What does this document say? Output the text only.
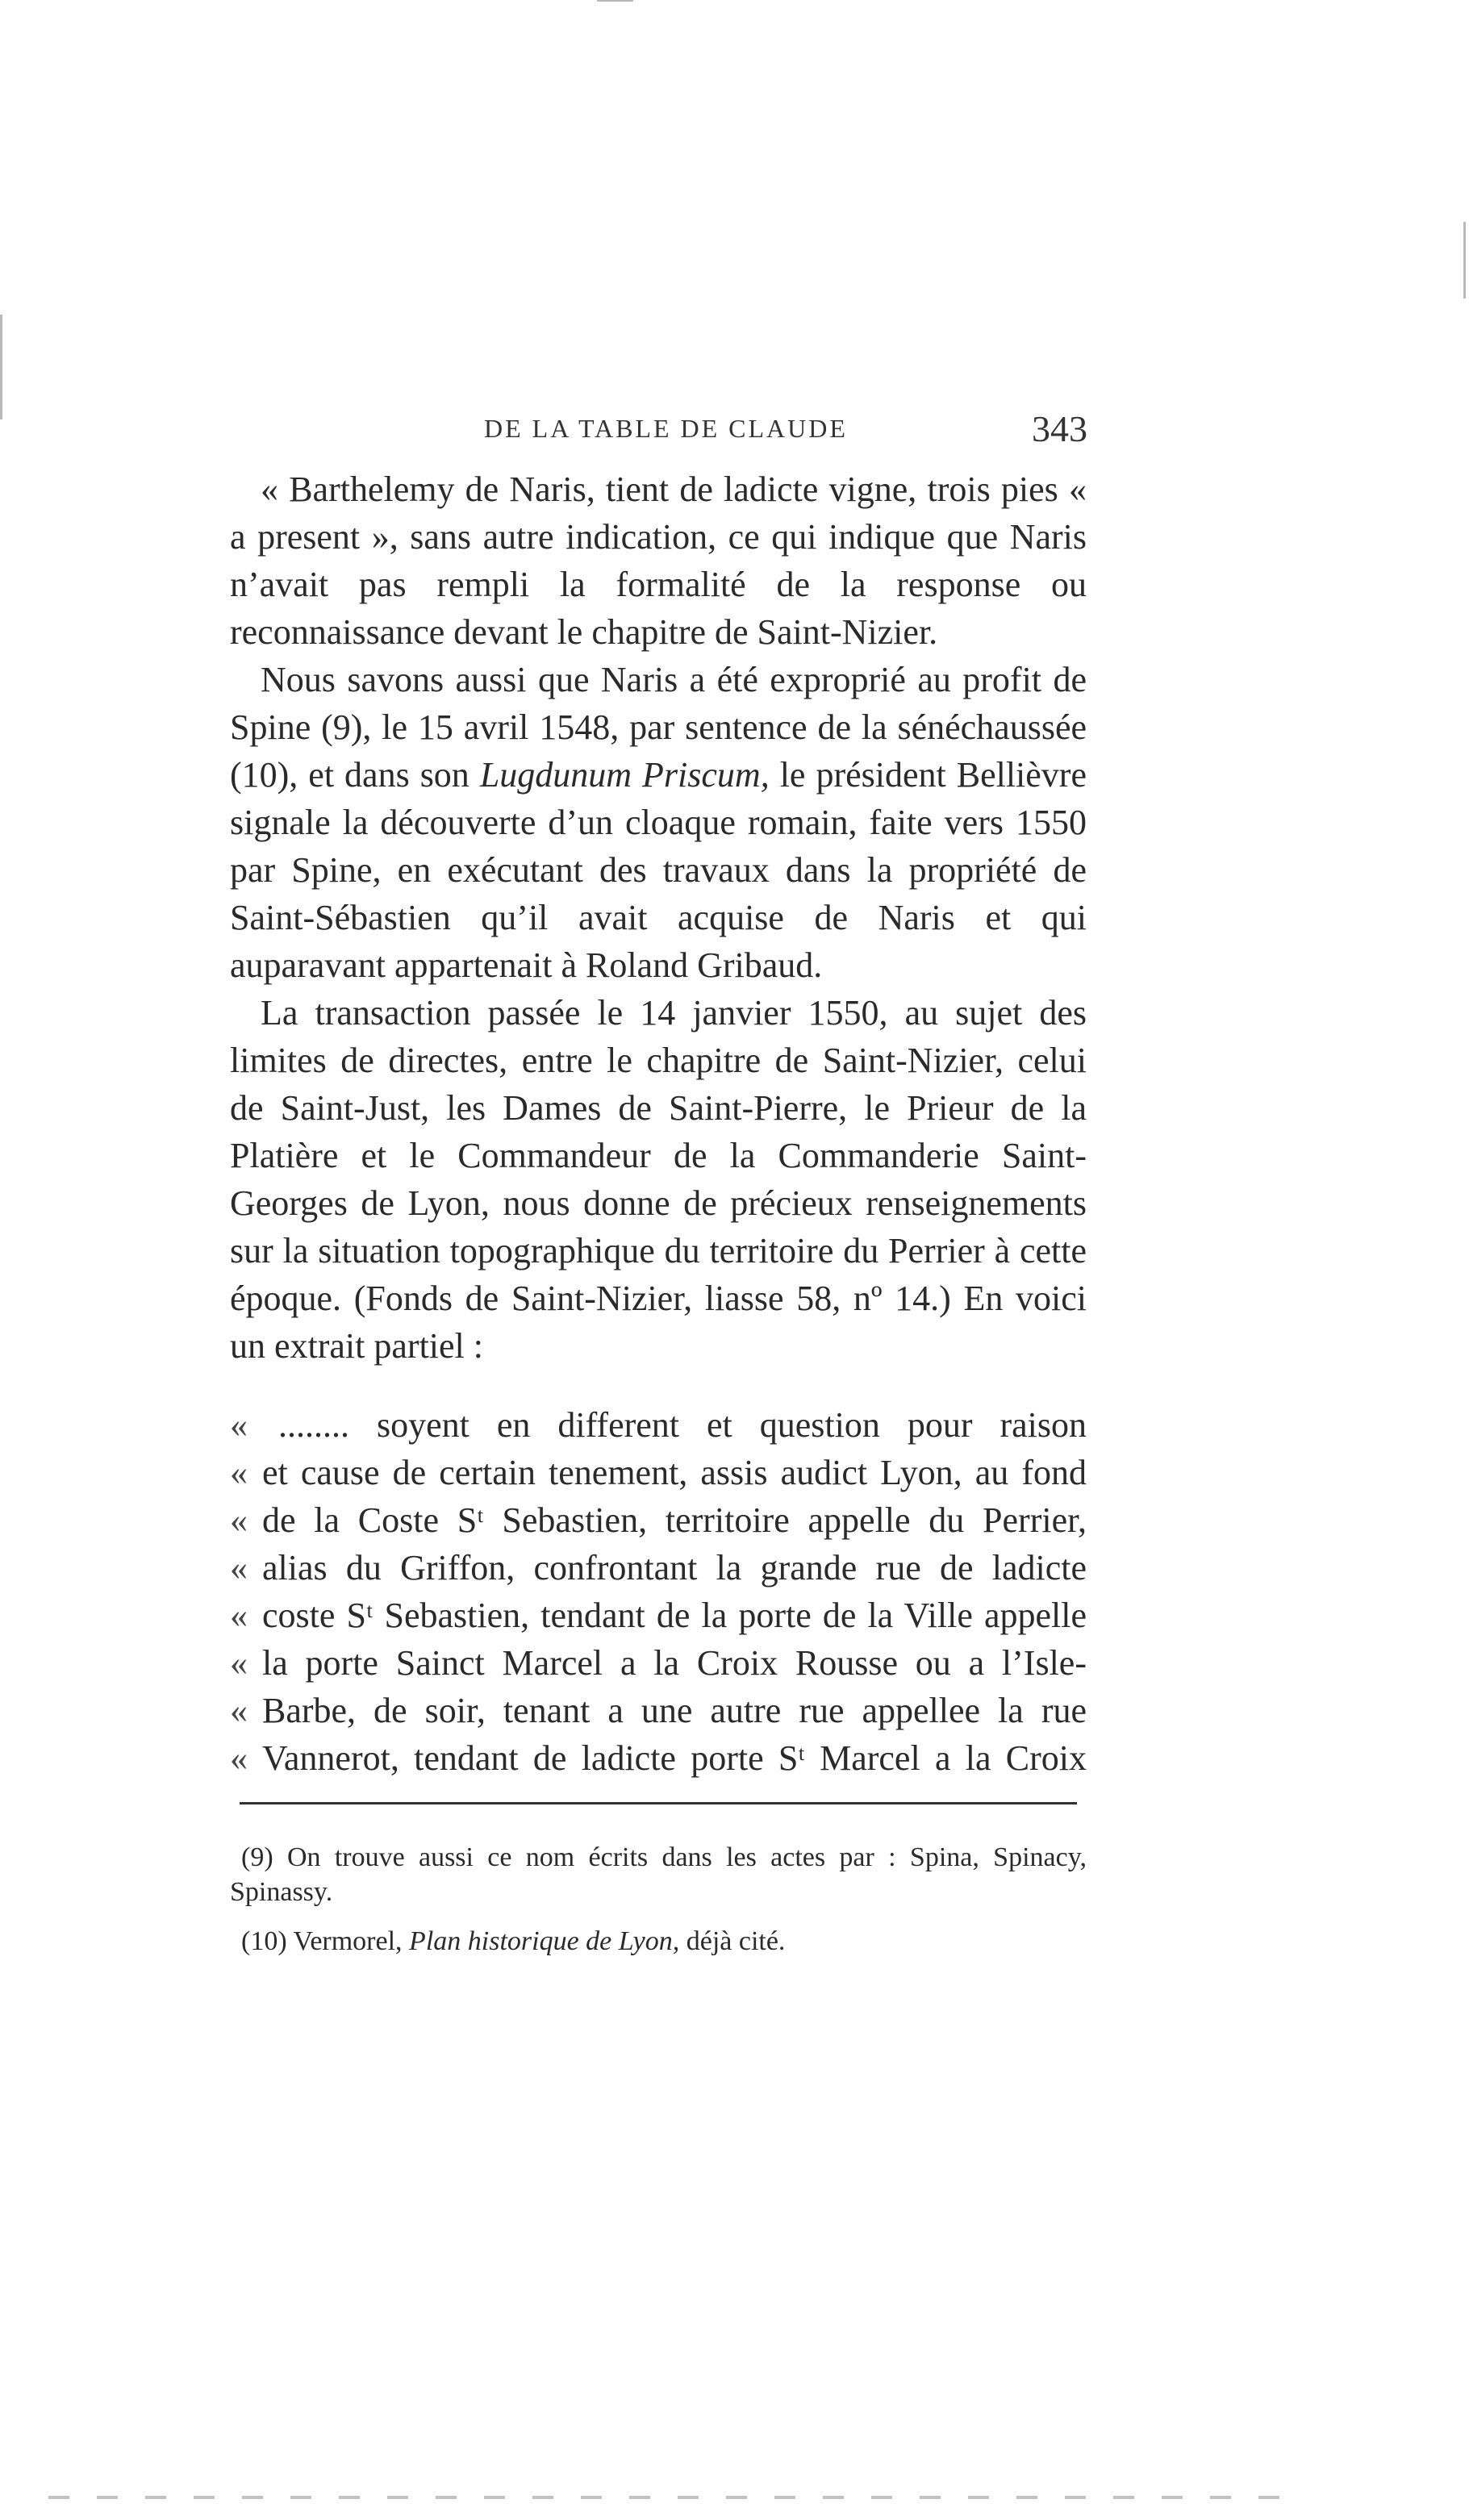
DE LA TABLE DE CLAUDE	343

« Barthelemy de Naris, tient de ladicte vigne, trois pies « a present », sans autre indication, ce qui indique que Naris n’avait pas rempli la formalité de la response ou reconnaissance devant le chapitre de Saint-Nizier.

Nous savons aussi que Naris a été exproprié au profit de Spine (9), le 15 avril 1548, par sentence de la sénéchaussée (10), et dans son Lugdunum Priscum, le président Bellièvre signale la découverte d’un cloaque romain, faite vers 1550 par Spine, en exécutant des travaux dans la propriété de Saint-Sébastien qu’il avait acquise de Naris et qui auparavant appartenait à Roland Gribaud.

La transaction passée le 14 janvier 1550, au sujet des limites de directes, entre le chapitre de Saint-Nizier, celui de Saint-Just, les Dames de Saint-Pierre, le Prieur de la Platière et le Commandeur de la Commanderie Saint-Georges de Lyon, nous donne de précieux renseignements sur la situation topographique du territoire du Perrier à cette époque. (Fonds de Saint-Nizier, liasse 58, nº 14.) En voici un extrait partiel :

« ........ soyent en different et question pour raison
« et cause de certain tenement, assis audict Lyon, au fond
« de la Coste Sᵗ Sebastien, territoire appelle du Perrier,
« alias du Griffon, confrontant la grande rue de ladicte
« coste Sᵗ Sebastien, tendant de la porte de la Ville appelle
« la porte Sainct Marcel a la Croix Rousse ou a l’Isle-
« Barbe, de soir, tenant a une autre rue appellee la rue
« Vannerot, tendant de ladicte porte Sᵗ Marcel a la Croix

(9) On trouve aussi ce nom écrits dans les actes par : Spina, Spinacy, Spinassy.

(10) Vermorel, Plan historique de Lyon, déjà cité.
